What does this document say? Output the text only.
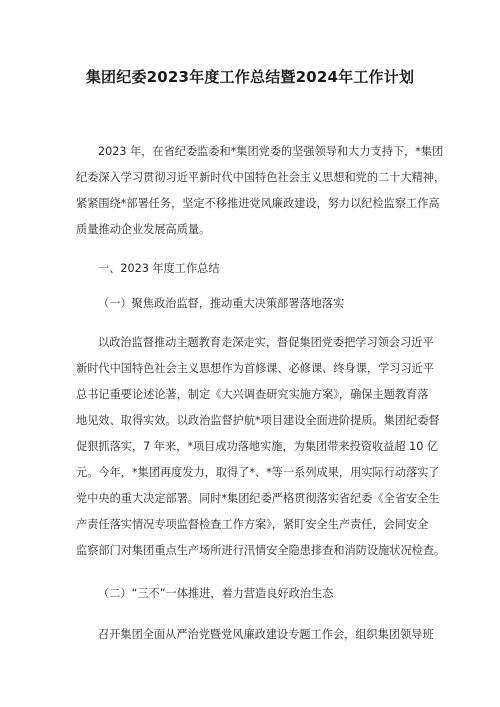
集团纪委2023年度工作总结暨2024年工作计划
2023 年，在省纪委监委和*集团党委的坚强领导和大力支持下，*集团
纪委深入学习贯彻习近平新时代中国特色社会主义思想和党的二十大精神，
紧紧围绕*部署任务，坚定不移推进党风廉政建设，努力以纪检监察工作高
质量推动企业发展高质量。
一、2023 年度工作总结
（一）聚焦政治监督，推动重大决策部署落地落实
以政治监督推动主题教育走深走实，督促集团党委把学习领会习近平
新时代中国特色社会主义思想作为首修课、必修课、终身课，学习习近平
总书记重要论述论著，制定《大兴调查研究实施方案》，确保主题教育落
地见效、取得实效。以政治监督护航*项目建设全面进阶提质。集团纪委督
促狠抓落实，7 年来，*项目成功落地实施，为集团带来投资收益超 10 亿
元。今年，*集团再度发力，取得了*、*等一系列成果，用实际行动落实了
党中央的重大决定部署。同时*集团纪委严格贯彻落实省纪委《全省安全生
产责任落实情况专项监督检查工作方案》，紧盯安全生产责任，会同安全
监察部门对集团重点生产场所进行汛情安全隐患排查和消防设施状况检查。
（二）“三不”一体推进，着力营造良好政治生态
召开集团全面从严治党暨党风廉政建设专题工作会，组织集团领导班
